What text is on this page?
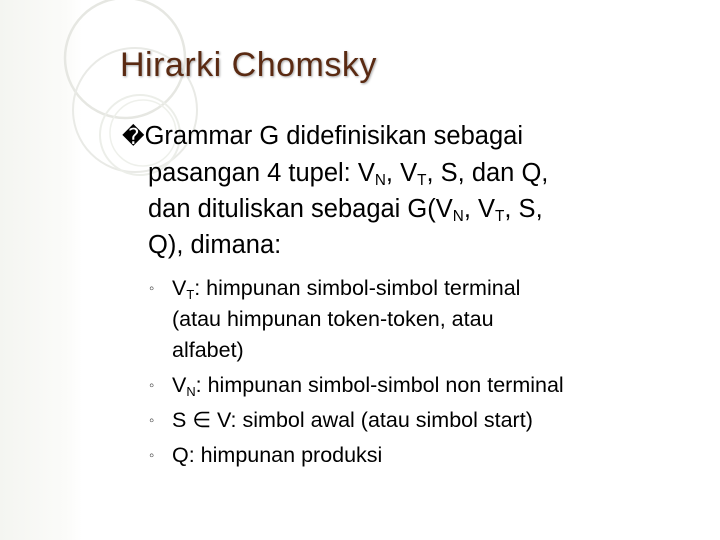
Hirarki Chomsky
�Grammar G didefinisikan sebagai
pasangan 4 tupel: $V_N$, $V_T$, S, dan Q,
dan dituliskan sebagai $G(V_N$, $V_T$, S,
Q), dimana:
◦ $V_T$: himpunan simbol-simbol terminal
(atau himpunan token-token, atau
alfabet)
◦ $V_N$: himpunan simbol-simbol non terminal
◦ S ∈ V: simbol awal (atau simbol start)
◦ Q: himpunan produksi
